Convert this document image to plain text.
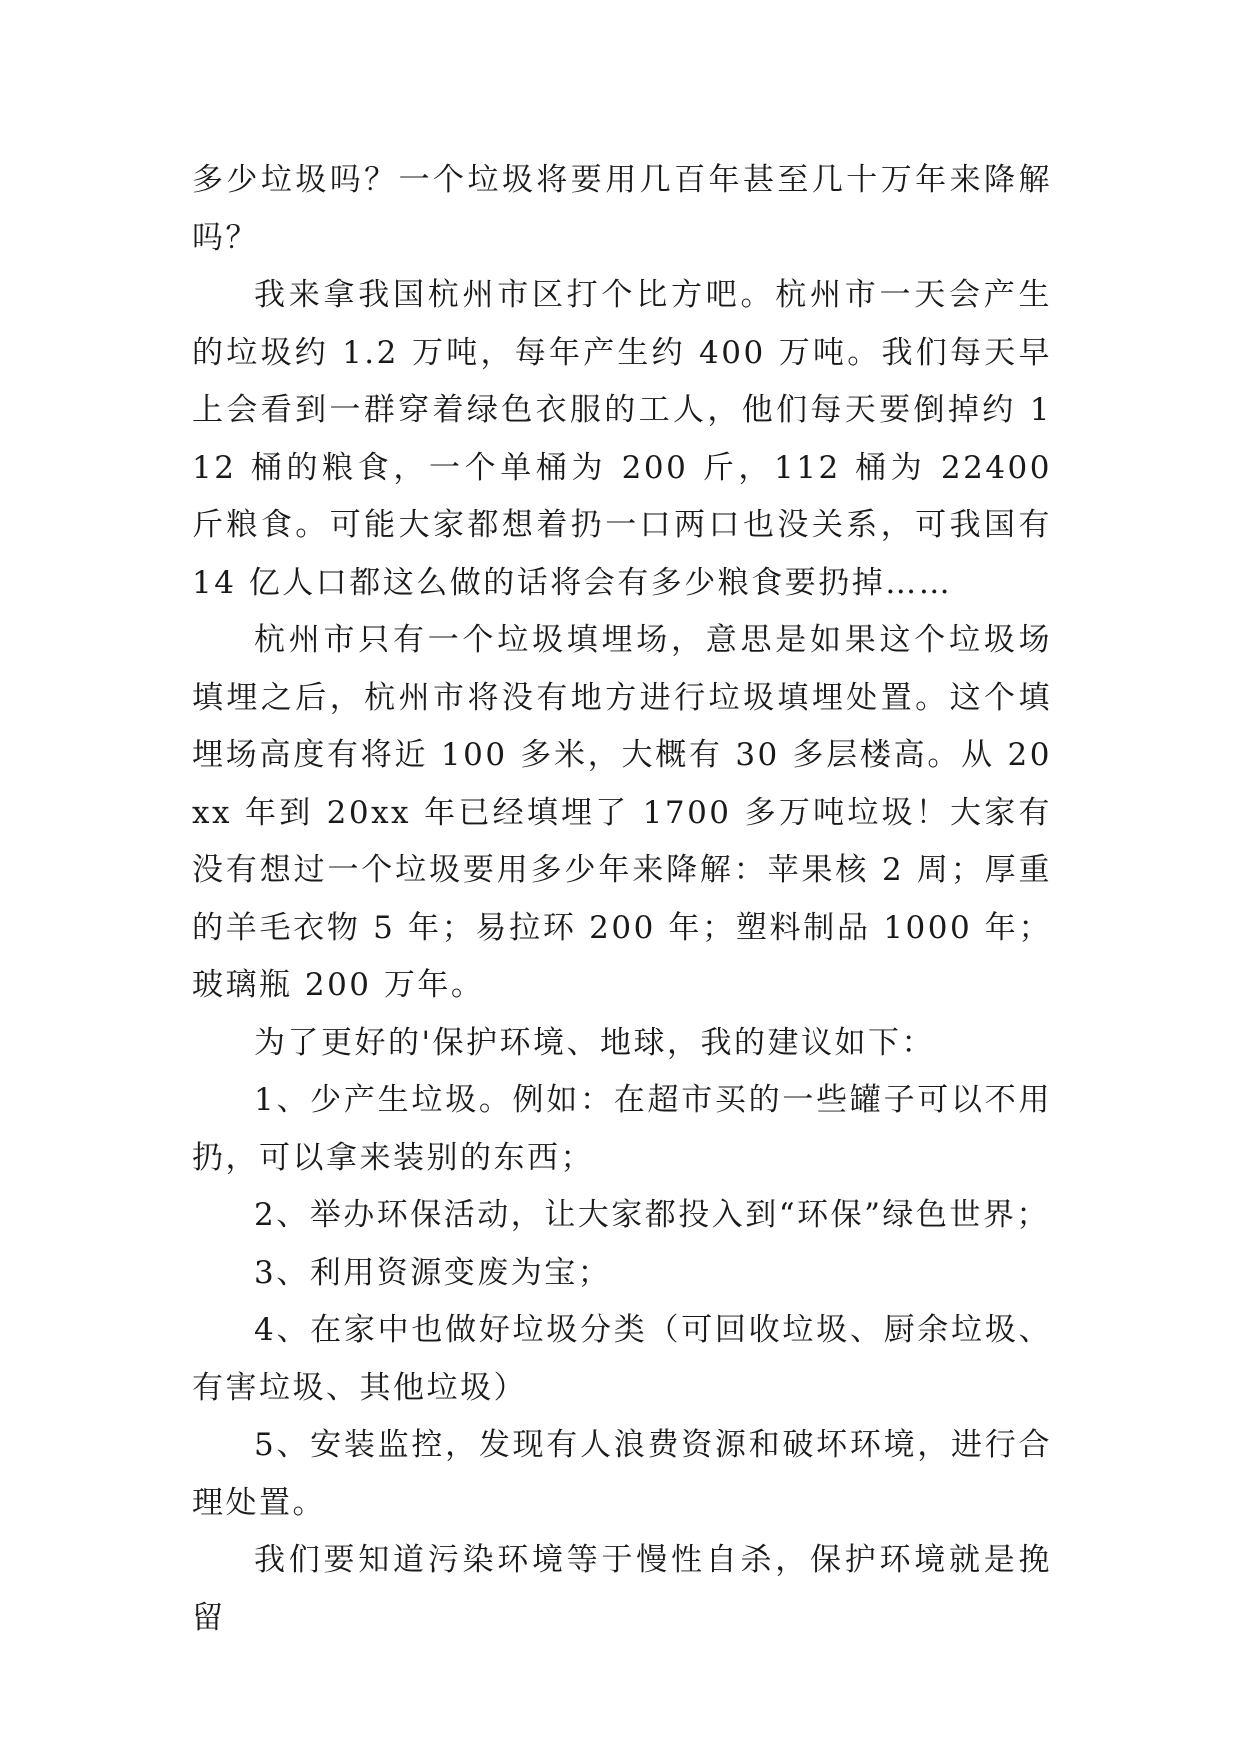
多少垃圾吗？一个垃圾将要用几百年甚至几十万年来降解吗？

我来拿我国杭州市区打个比方吧。杭州市一天会产生的垃圾约 1.2 万吨，每年产生约 400 万吨。我们每天早上会看到一群穿着绿色衣服的工人，他们每天要倒掉约 112 桶的粮食，一个单桶为 200 斤，112 桶为 22400 斤粮食。可能大家都想着扔一口两口也没关系，可我国有 14 亿人口都这么做的话将会有多少粮食要扔掉……

杭州市只有一个垃圾填埋场，意思是如果这个垃圾场填埋之后，杭州市将没有地方进行垃圾填埋处置。这个填埋场高度有将近 100 多米，大概有 30 多层楼高。从 20xx 年到 20xx 年已经填埋了 1700 多万吨垃圾！大家有没有想过一个垃圾要用多少年来降解：苹果核 2 周；厚重的羊毛衣物 5 年；易拉环 200 年；塑料制品 1000 年；玻璃瓶 200 万年。

为了更好的'保护环境、地球，我的建议如下：

1、少产生垃圾。例如：在超市买的一些罐子可以不用扔，可以拿来装别的东西；

2、举办环保活动，让大家都投入到“环保”绿色世界；

3、利用资源变废为宝；

4、在家中也做好垃圾分类（可回收垃圾、厨余垃圾、有害垃圾、其他垃圾）

5、安装监控，发现有人浪费资源和破坏环境，进行合理处置。

我们要知道污染环境等于慢性自杀，保护环境就是挽留
